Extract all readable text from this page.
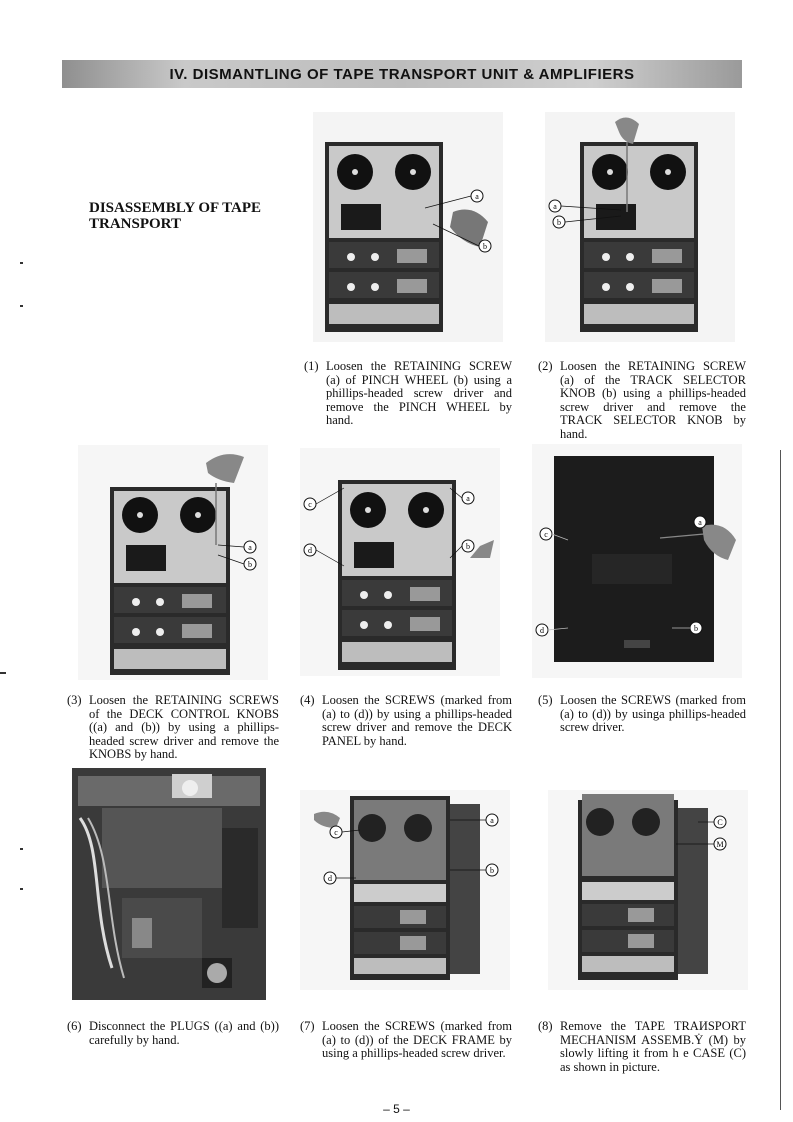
IV. DISMANTLING OF TAPE TRANSPORT UNIT & AMPLIFIERS
DISASSEMBLY OF TAPE TRANSPORT
a
b
(1) Loosen the RETAINING SCREW (a) of PINCH WHEEL (b) using a phillips-headed screw driver and remove the PINCH WHEEL by hand.
a
b
(2) Loosen the RETAINING SCREW (a) of the TRACK SELECTOR KNOB (b) using a phillips-headed screw driver and remove the TRACK SELECTOR KNOB by hand.
a
b
(3) Loosen the RETAINING SCREWS of the DECK CONTROL KNOBS ((a) and (b)) by using a phillips-headed screw driver and remove the KNOBS by hand.
c
a
d	b
(4) Loosen the SCREWS (marked from (a) to (d)) by using a phillips-headed screw driver and remove the DECK PANEL by hand.
c
a
d	b
(5) Loosen the SCREWS (marked from (a) to (d)) by usinga phillips-headed screw driver.
(6) Disconnect the PLUGS ((a) and (b)) carefully by hand.
c
a
d
b
(7) Loosen the SCREWS (marked from (a) to (d)) of the DECK FRAME by using a phillips-headed screw driver.
C
M
(8) Remove the TAPE TRAИSPORT MECHANISM ASSEMB.Ẏ (M) by slowly lifting it from h e CASE (C) as shown in picture.
– 5 –
